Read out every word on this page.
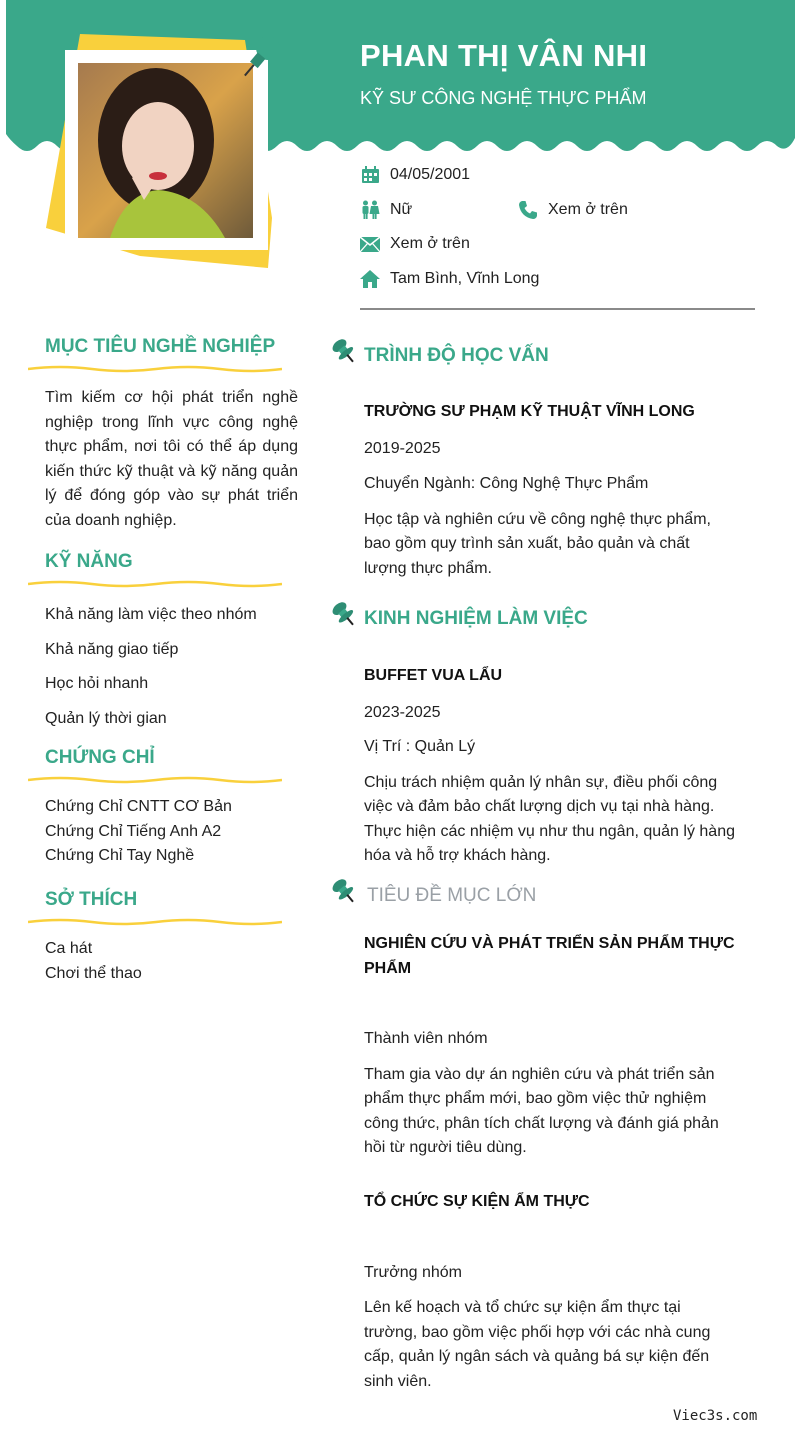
PHAN THỊ VÂN NHI
KỸ SƯ CÔNG NGHỆ THỰC PHẨM
04/05/2001
Nữ	Xem ở trên
Xem ở trên
Tam Bình, Vĩnh Long
MỤC TIÊU NGHỀ NGHIỆP
Tìm kiếm cơ hội phát triển nghề nghiệp trong lĩnh vực công nghệ thực phẩm, nơi tôi có thể áp dụng kiến thức kỹ thuật và kỹ năng quản lý để đóng góp vào sự phát triển của doanh nghiệp.
KỸ NĂNG
Khả năng làm việc theo nhóm
Khả năng giao tiếp
Học hỏi nhanh
Quản lý thời gian
CHỨNG CHỈ
Chứng Chỉ CNTT CƠ Bản
Chứng Chỉ Tiếng Anh A2
Chứng Chỉ Tay Nghề
SỞ THÍCH
Ca hát
Chơi thể thao
TRÌNH ĐỘ HỌC VẤN
TRƯỜNG SƯ PHẠM KỸ THUẬT VĨNH LONG
2019-2025
Chuyển Ngành: Công Nghệ Thực Phẩm
Học tập và nghiên cứu về công nghệ thực phẩm, bao gồm quy trình sản xuất, bảo quản và chất lượng thực phẩm.
KINH NGHIỆM LÀM VIỆC
BUFFET VUA LẨU
2023-2025
Vị Trí : Quản Lý
Chịu trách nhiệm quản lý nhân sự, điều phối công việc và đảm bảo chất lượng dịch vụ tại nhà hàng. Thực hiện các nhiệm vụ như thu ngân, quản lý hàng hóa và hỗ trợ khách hàng.
TIÊU ĐỀ MỤC LỚN
NGHIÊN CỨU VÀ PHÁT TRIỂN SẢN PHẨM THỰC PHẨM
Thành viên nhóm
Tham gia vào dự án nghiên cứu và phát triển sản phẩm thực phẩm mới, bao gồm việc thử nghiệm công thức, phân tích chất lượng và đánh giá phản hồi từ người tiêu dùng.
TỔ CHỨC SỰ KIỆN ẨM THỰC
Trưởng nhóm
Lên kế hoạch và tổ chức sự kiện ẩm thực tại trường, bao gồm việc phối hợp với các nhà cung cấp, quản lý ngân sách và quảng bá sự kiện đến sinh viên.
Viec3s.com
